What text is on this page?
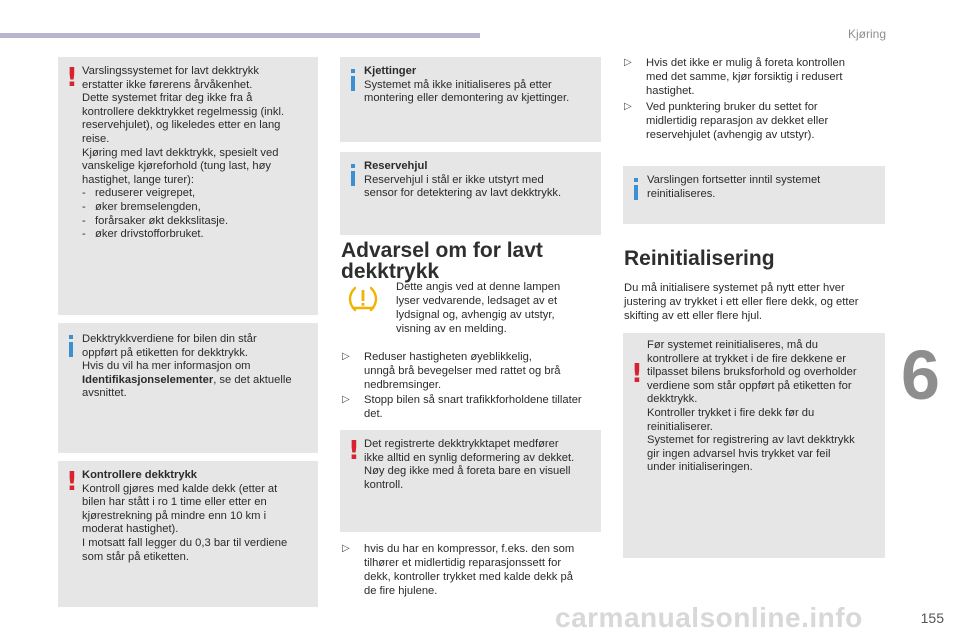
Kjøring
6
carmanualsonline.info	155
!
Varslingssystemet for lavt dekktrykk
erstatter ikke førerens årvåkenhet.
Dette systemet fritar deg ikke fra å
kontrollere dekktrykket regelmessig (inkl.
reservehjulet), og likeledes etter en lang
reise.
Kjøring med lavt dekktrykk, spesielt ved
vanskelige kjøreforhold (tung last, høy
hastighet, lange turer):
-   reduserer veigrepet,
-   øker bremselengden,
-   forårsaker økt dekkslitasje.
-   øker drivstofforbruket.
Dekktrykkverdiene for bilen din står
oppført på etiketten for dekktrykk.
Hvis du vil ha mer informasjon om
Identifikasjonselementer, se det aktuelle
avsnittet.
!
Kontrollere dekktrykk
Kontroll gjøres med kalde dekk (etter at
bilen har stått i ro 1 time eller etter en
kjørestrekning på mindre enn 10 km i
moderat hastighet).
I motsatt fall legger du 0,3 bar til verdiene
som står på etiketten.
Kjettinger
Systemet må ikke initialiseres på etter
montering eller demontering av kjettinger.
Reservehjul
Reservehjul i stål er ikke utstyrt med
sensor for detektering av lavt dekktrykk.
Advarsel om for lavt
dekktrykk
Dette angis ved at denne lampen
lyser vedvarende, ledsaget av et
lydsignal og, avhengig av utstyr,
visning av en melding.
▷ Reduser hastigheten øyeblikkelig,
unngå brå bevegelser med rattet og brå
nedbremsinger.
▷ Stopp bilen så snart trafikkforholdene tillater
det.
!
Det registrerte dekktrykktapet medfører
ikke alltid en synlig deformering av dekket.
Nøy deg ikke med å foreta bare en visuell
kontroll.
▷ hvis du har en kompressor, f.eks. den som
tilhører et midlertidig reparasjonssett for
dekk, kontroller trykket med kalde dekk på
de fire hjulene.
▷ Hvis det ikke er mulig å foreta kontrollen
med det samme, kjør forsiktig i redusert
hastighet.
▷ Ved punktering bruker du settet for
midlertidig reparasjon av dekket eller
reservehjulet (avhengig av utstyr).
Varslingen fortsetter inntil systemet
reinitialiseres.
Reinitialisering
Du må initialisere systemet på nytt etter hver
justering av trykket i ett eller flere dekk, og etter
skifting av ett eller flere hjul.
!
Før systemet reinitialiseres, må du
kontrollere at trykket i de fire dekkene er
tilpasset bilens bruksforhold og overholder
verdiene som står oppført på etiketten for
dekktrykk.
Kontroller trykket i fire dekk før du
reinitialiserer.
Systemet for registrering av lavt dekktrykk
gir ingen advarsel hvis trykket var feil
under initialiseringen.
